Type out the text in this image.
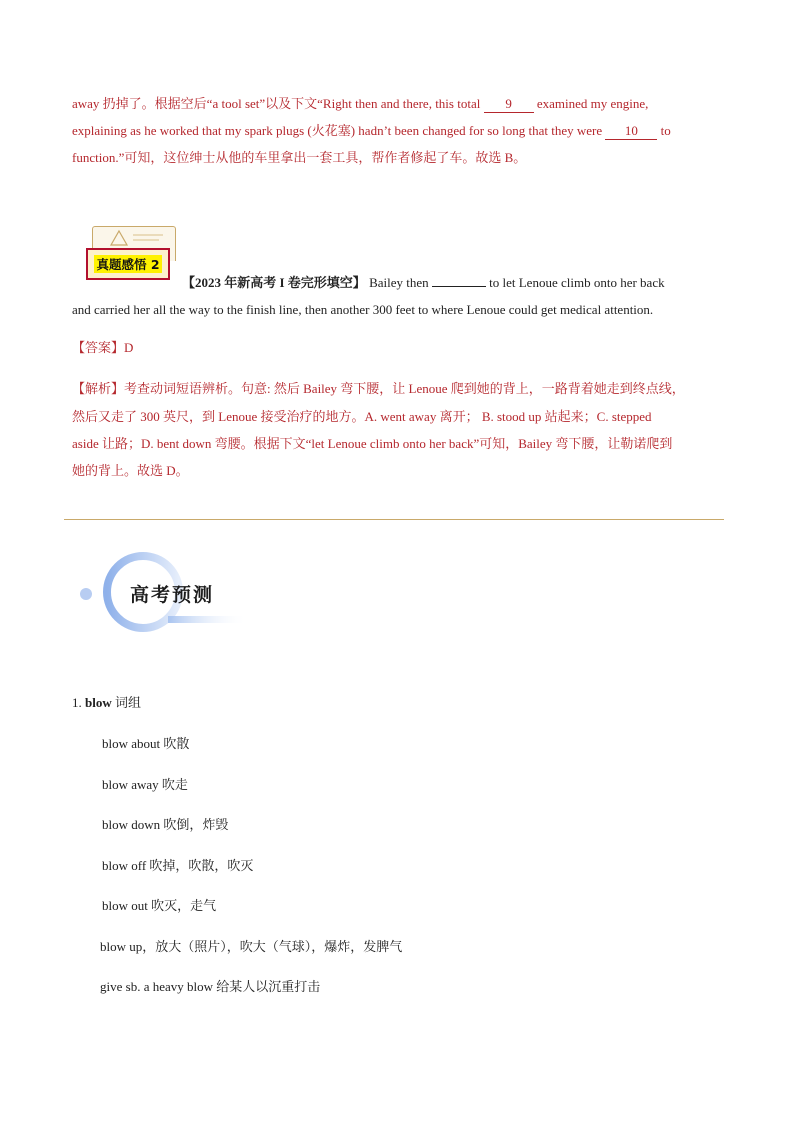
away 扔掉了。根据空后“a tool set”以及下文“Right then and there, this total 9 examined my engine,
explaining as he worked that my spark plugs (火花塞) hadn’t been changed for so long that they were 10 to
function.”可知，这位绅士从他的车里拿出一套工具，帮作者修起了车。故选 B。
真题感悟 2
【2023 年新高考 I 卷完形填空】 Bailey then	to let Lenoue climb onto her back
and carried her all the way to the finish line, then another 300 feet to where Lenoue could get medical attention.
【答案】D
【解析】考查动词短语辨析。句意: 然后 Bailey 弯下腰，让 Lenoue 爬到她的背上，一路背着她走到终点线，
然后又走了 300 英尺，到 Lenoue 接受治疗的地方。A. went away 离开； B. stood up 站起来；C. stepped
aside 让路；D. bent down 弯腰。根据下文“let Lenoue climb onto her back”可知，Bailey 弯下腰，让勒诺爬到
她的背上。故选 D。
高考预测
1. blow 词组
blow about 吹散
blow away 吹走
blow down 吹倒，炸毁
blow off 吹掉，吹散，吹灭
blow out 吹灭，走气
blow up，放大（照片），吹大（气球），爆炸，发脾气
give sb. a heavy blow 给某人以沉重打击
